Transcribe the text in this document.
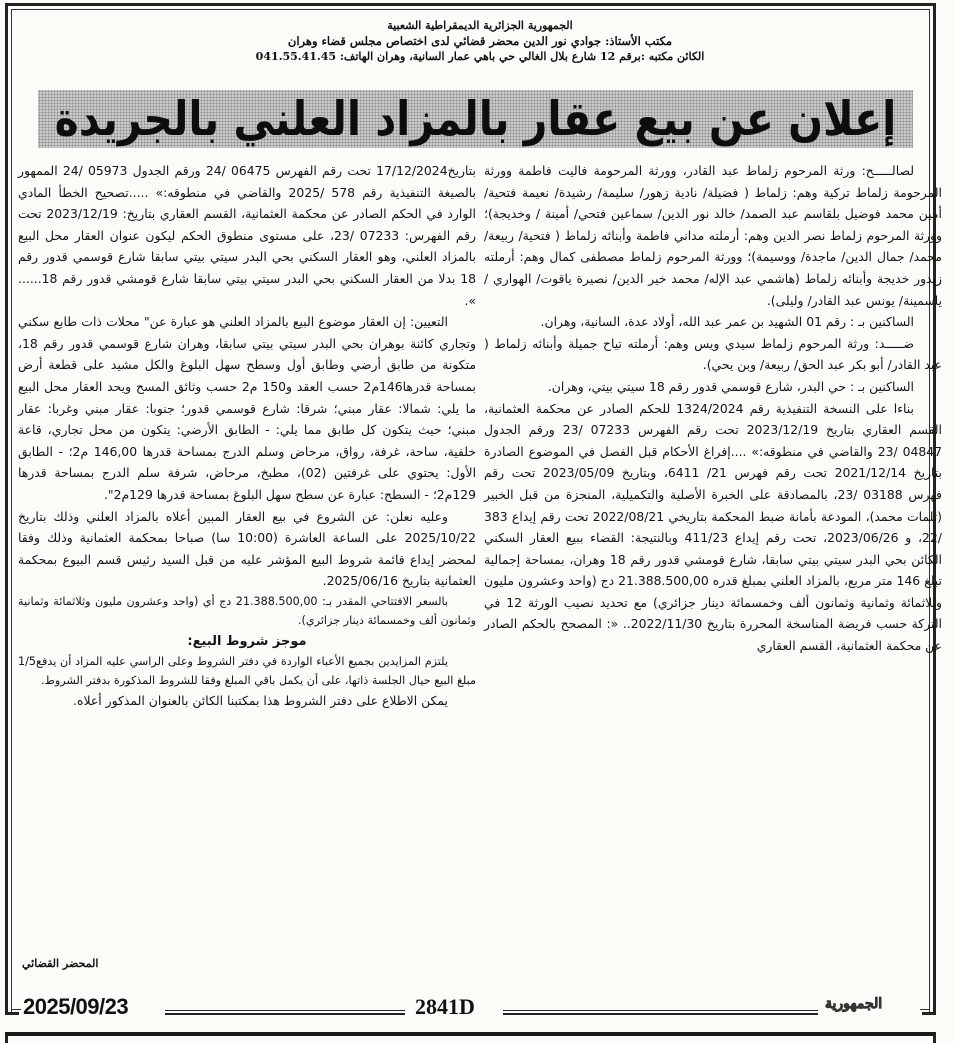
الجمهورية الجزائرية الديمقراطية الشعبية
مكتب الأستاذ: جوادي نور الدين محضر قضائي لدى اختصاص مجلس قضاء وهران
الكائن مكتبه :برقم 12 شارع بلال الغالي حي باهي عمار السانية، وهران الهاتف: 041.55.41.45
إعلان عن بيع عقار بالمزاد العلني بالجريدة

لصالـــــح: ورثة المرحوم زلماط عبد القادر، وورثة المرحومة فاليت فاطمة وورثة المرحومة زلماط تركية وهم: زلماط ( فضيلة/ نادية زهور/ سليمة/ رشيدة/ نعيمة فتحية/ أمين محمد فوضيل بلقاسم عبد الصمد/ خالد نور الدين/ سماعين فتحي/ أمينة / وخديجة)؛ وورثة المرحوم زلماط نصر الدين وهم: أرملته مداني فاطمة وأبنائه زلماط ( فتحية/ ربيعة/ محمد/ جمال الدين/ ماجدة/ ووسيمة)؛ وورثة المرحوم زلماط مصطفى كمال وهم: أرملته زيدور خديجة وأبنائه زلماط (هاشمي عبد الإله/ محمد خير الدين/ نصيرة ياقوت/ الهواري / ياسمينة/ يونس عبد القادر/ وليلى).

الساكنين بـ : رقم 01 الشهيد بن عمر عبد الله، أولاد عدة، السانية، وهران.

ضـــــد: ورثة المرحوم زلماط سيدي ويس وهم: أرملته تياح جميلة وأبنائه زلماط ( عبد القادر/ أبو بكر عبد الحق/ ربيعة/ وبن يحي).

الساكنين بـ : حي البدر، شارع قوسمي قدور رقم 18 سيتي بيتي، وهران.

بناءا على النسخة التنفيذية رقم 1324/2024 للحكم الصادر عن محكمة العثمانية، القسم العقاري بتاريخ 2023/12/19 تحت رقم الفهرس 07233 /23 ورقم الجدول 04847 /23 والقاضي في منطوقه:» ....إفراغ الأحكام قبل الفصل في الموضوع الصادرة بتاريخ 2021/12/14 تحت رقم فهرس 21/ 6411، وبتاريخ 2023/05/09 تحت رقم فهرس 03188 /23، بالمصادقة على الخبرة الأصلية والتكميلية، المنجزة من قبل الخبير (تلمات محمد)، المودعة بأمانة ضبط المحكمة بتاريخي 2022/08/21 تحت رقم إيداع 383 /22، و 2023/06/26، تحت رقم إيداع 411/23 وبالنتيجة: القضاء ببيع العقار السكني الكائن بحي البدر سيتي بيتي سابقا، شارع قومشي قدور رقم 18 وهران، بمساحة إجمالية تبلغ 146 متر مربع، بالمزاد العلني بمبلغ قدره 21.388.500,00 دج (واحد وعشرون مليون وثلاثمائة وثمانية وثمانون ألف وخمسمائة دينار جزائري) مع تحديد نصيب الورثة 12 في التركة حسب فريضة المناسخة المحررة بتاريخ 2022/11/30.. «: المصحح بالحكم الصادر عن محكمة العثمانية، القسم العقاري

بتاريخ17/12/2024 تحت رقم الفهرس 06475 /24 ورقم الجدول 05973 /24 الممهور بالصيغة التنفيذية رقم 578 /2025 والقاضي في منطوقه:» .....تصحيح الخطأ المادي الوارد في الحكم الصادر عن محكمة العثمانية، القسم العقاري بتاريخ: 2023/12/19 تحت رقم الفهرس: 07233 /23، على مستوى منطوق الحكم ليكون عنوان العقار محل البيع بالمزاد العلني، وهو العقار السكني بحي البدر سيتي بيتي سابقا شارع قوسمي قدور رقم 18 بدلا من العقار السكني بحي البدر سيتي بيتي سابقا شارع قومشي قدور رقم 18...... ».

التعيين: إن العقار موضوع البيع بالمزاد العلني هو عبارة عن" محلات ذات طابع سكني وتجاري كائنة بوهران بحي البدر سيتي بيتي سابقا، وهران شارع قوسمي قدور رقم 18، متكونة من طابق أرضي وطابق أول وسطح سهل البلوغ والكل مشيد على قطعة أرض بمساحة قدرها146م2 حسب العقد و150 م2 حسب وثائق المسح ويحد العقار محل البيع ما يلي: شمالا: عقار مبني؛ شرقا: شارع قوسمي قدور؛ جنوبا: عقار مبني وغربا: عقار مبني؛ حيث يتكون كل طابق مما يلي: - الطابق الأرضي: يتكون من محل تجاري، قاعة خلفية، ساحة، غرفة، رواق، مرحاض وسلم الدرج بمساحة قدرها 146,00 م2؛ - الطابق الأول: يحتوي على غرفتين (02)، مطبخ، مرحاض، شرفة سلم الدرج بمساحة قدرها 129م2؛ - السطح: عبارة عن سطح سهل البلوغ بمساحة قدرها 129م2".

وعليه نعلن: عن الشروع في بيع العقار المبين أعلاه بالمزاد العلني وذلك بتاريخ 2025/10/22 على الساعة العاشرة (10:00 سا) صباحا بمحكمة العثمانية وذلك وفقا لمحضر إيداع قائمة شروط البيع المؤشر عليه من قبل السيد رئيس قسم البيوع بمحكمة العثمانية بتاريخ 2025/06/16.

بالسعر الافتتاحي المقدر بـ: 21.388.500,00 دج أي (واحد وعشرون مليون وثلاثمائة وثمانية وثمانون ألف وخمسمائة دينار جزائري).

موجز شروط البيع:

يلتزم المزايدين بجميع الأعباء الواردة في دفتر الشروط وعلى الراسي عليه المزاد أن يدفع1/5 مبلغ البيع حيال الجلسة ذاتها، على أن يكمل باقي المبلغ وفقا للشروط المذكورة بدفتر الشروط.

يمكن الاطلاع على دفتر الشروط هذا بمكتبنا الكائن بالعنوان المذكور أعلاه.

المحضر القضائي
2025/09/23	2841D	الجمهورية
